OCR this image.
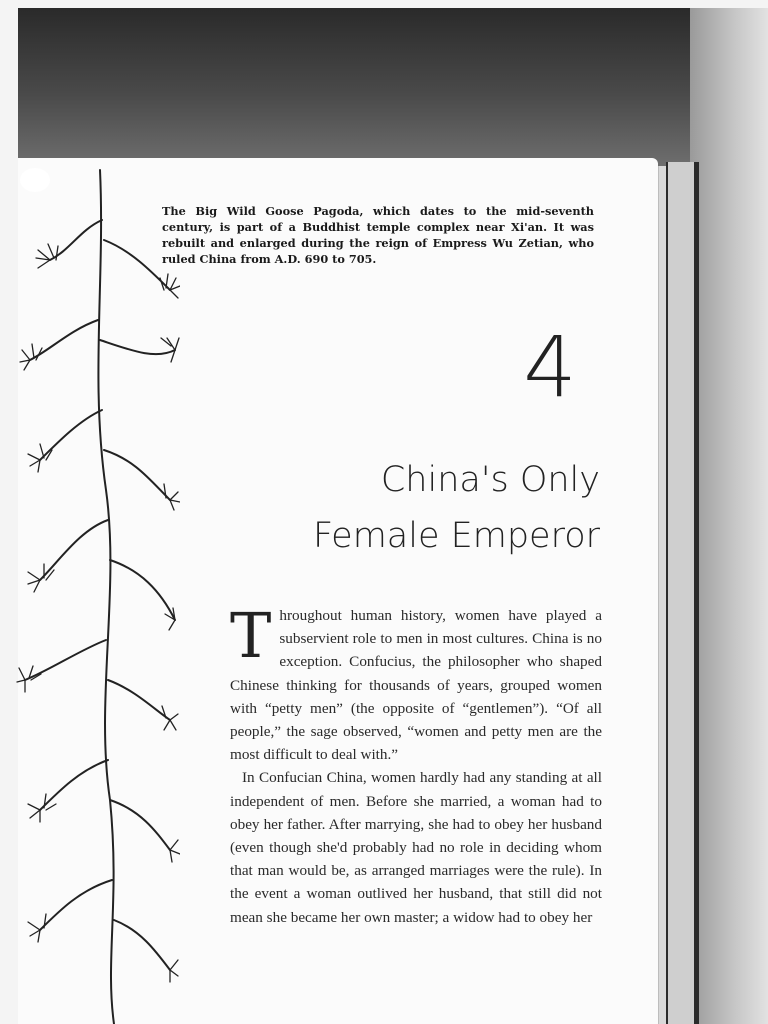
The Big Wild Goose Pagoda, which dates to the mid-seventh century, is part of a Buddhist temple complex near Xi'an. It was rebuilt and enlarged during the reign of Empress Wu Zetian, who ruled China from A.D. 690 to 705.
4
China's Only
Female Emperor

Throughout human history, women have played a subservient role to men in most cultures. China is no exception. Confucius, the philosopher who shaped Chinese thinking for thousands of years, grouped women with “petty men” (the opposite of “gentlemen”). “Of all people,” the sage observed, “women and petty men are the most difficult to deal with.”

In Confucian China, women hardly had any standing at all independent of men. Before she married, a woman had to obey her father. After marrying, she had to obey her husband (even though she'd probably had no role in deciding whom that man would be, as arranged marriages were the rule). In the event a woman outlived her husband, that still did not mean she became her own master; a widow had to obey her
